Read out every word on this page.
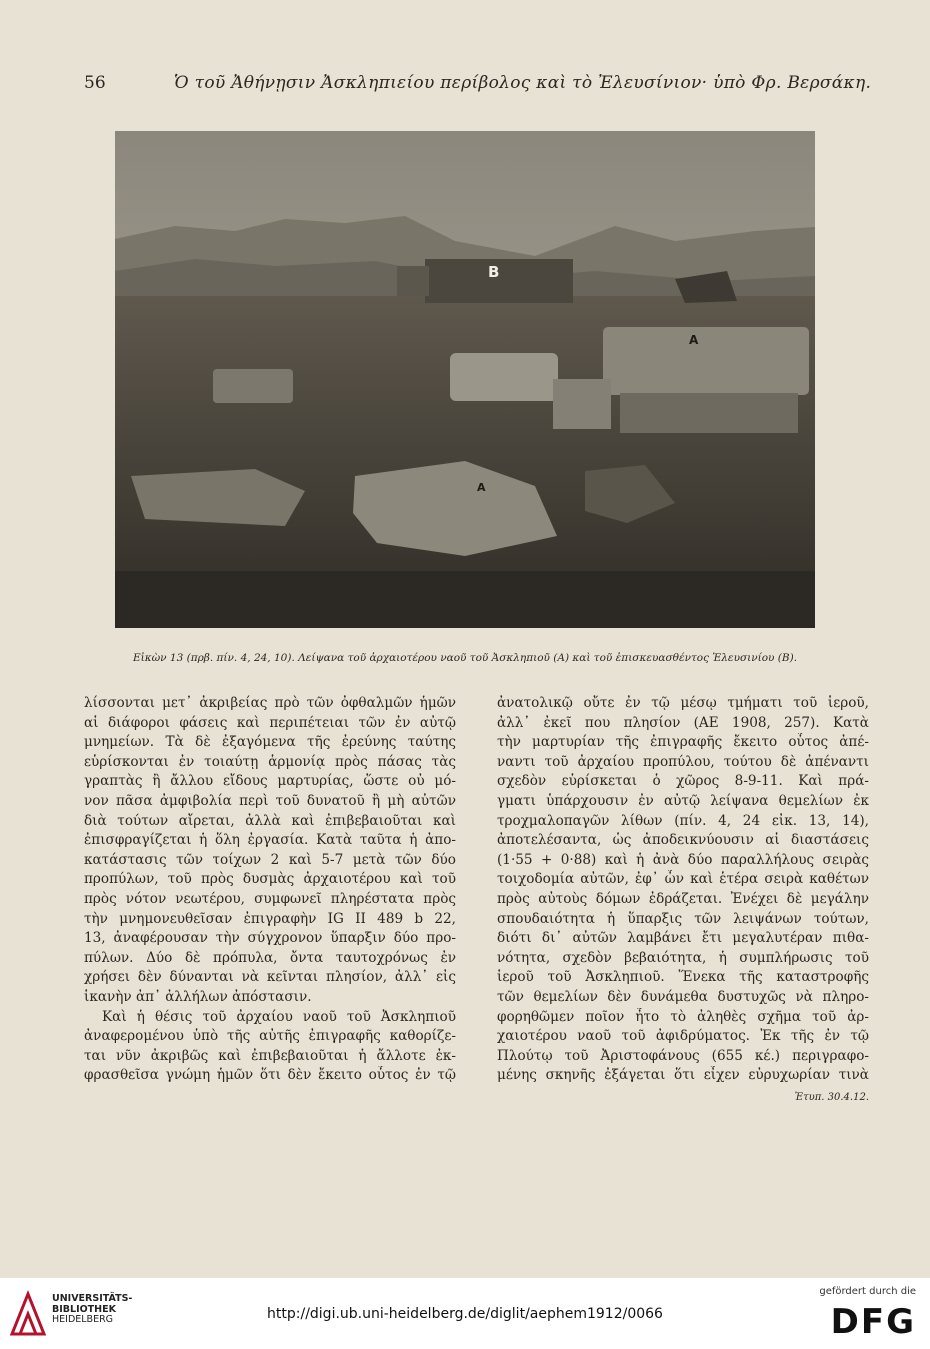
56	Ὁ τοῦ Ἀθήνῃσιν Ἀσκληπιείου περίβολος καὶ τὸ Ἐλευσίνιον· ὑπὸ Φρ. Βερσάκη.
B
A
A
Εἰκὼν 13 (πρβ. πίν. 4, 24, 10). Λείψανα τοῦ ἀρχαιοτέρου ναοῦ τοῦ Ἀσκληπιοῦ (Α) καὶ τοῦ ἐπισκευασθέντος Ἐλευσινίου (Β).
λίσσονται μετ᾿ ἀκριβείας πρὸ τῶν ὀφθαλμῶν ἡμῶν
αἱ διάφοροι φάσεις καὶ περιπέτειαι τῶν ἐν αὐτῷ
μνημείων. Τὰ δὲ ἐξαγόμενα τῆς ἐρεύνης ταύτης
εὑρίσκονται ἐν τοιαύτῃ ἁρμονίᾳ πρὸς πάσας τὰς
γραπτὰς ἢ ἄλλου εἴδους μαρτυρίας, ὥστε οὐ μό-
νον πᾶσα ἀμφιβολία περὶ τοῦ δυνατοῦ ἢ μὴ αὐτῶν
διὰ τούτων αἴρεται, ἀλλὰ καὶ ἐπιβεβαιοῦται καὶ
ἐπισφραγίζεται ἡ ὅλη ἐργασία. Κατὰ ταῦτα ἡ ἀπο-
κατάστασις τῶν τοίχων 2 καὶ 5-7 μετὰ τῶν δύο
προπύλων, τοῦ πρὸς δυσμὰς ἀρχαιοτέρου καὶ τοῦ
πρὸς νότον νεωτέρου, συμφωνεῖ πληρέστατα πρὸς
τὴν μνημονευθεῖσαν ἐπιγραφὴν IG II 489 b 22,
13, ἀναφέρουσαν τὴν σύγχρονον ὕπαρξιν δύο προ-
πύλων. Δύο δὲ πρόπυλα, ὄντα ταυτοχρόνως ἐν
χρήσει δὲν δύνανται νὰ κεῖνται πλησίον, ἀλλ᾿ εἰς
ἱκανὴν ἀπ᾿ ἀλλήλων ἀπόστασιν.
Καὶ ἡ θέσις τοῦ ἀρχαίου ναοῦ τοῦ Ἀσκληπιοῦ
ἀναφερομένου ὑπὸ τῆς αὐτῆς ἐπιγραφῆς καθορίζε-
ται νῦν ἀκριβῶς καὶ ἐπιβεβαιοῦται ἡ ἄλλοτε ἐκ-
φρασθεῖσα γνώμη ἡμῶν ὅτι δὲν ἔκειτο οὗτος ἐν τῷ
ἀνατολικῷ οὔτε ἐν τῷ μέσῳ τμήματι τοῦ ἱεροῦ,
ἀλλ᾿ ἐκεῖ που πλησίον (ΑΕ 1908, 257). Κατὰ
τὴν μαρτυρίαν τῆς ἐπιγραφῆς ἔκειτο οὗτος ἀπέ-
ναντι τοῦ ἀρχαίου προπύλου, τούτου δὲ ἀπέναντι
σχεδὸν εὑρίσκεται ὁ χῶρος 8-9-11. Καὶ πρά-
γματι ὑπάρχουσιν ἐν αὐτῷ λείψανα θεμελίων ἐκ
τροχμαλοπαγῶν λίθων (πίν. 4, 24 εἰκ. 13, 14),
ἀποτελέσαντα, ὡς ἀποδεικνύουσιν αἱ διαστάσεις
(1·55 + 0·88) καὶ ἡ ἀνὰ δύο παραλλήλους σειρὰς
τοιχοδομία αὐτῶν, ἐφ᾿ ὧν καὶ ἑτέρα σειρὰ καθέτων
πρὸς αὐτοὺς δόμων ἐδράζεται. Ἐνέχει δὲ μεγάλην
σπουδαιότητα ἡ ὕπαρξις τῶν λειψάνων τούτων,
διότι δι᾿ αὐτῶν λαμβάνει ἔτι μεγαλυτέραν πιθα-
νότητα, σχεδὸν βεβαιότητα, ἡ συμπλήρωσις τοῦ
ἱεροῦ τοῦ Ἀσκληπιοῦ. Ἕνεκα τῆς καταστροφῆς
τῶν θεμελίων δὲν δυνάμεθα δυστυχῶς νὰ πληρο-
φορηθῶμεν ποῖον ἦτο τὸ ἀληθὲς σχῆμα τοῦ ἀρ-
χαιοτέρου ναοῦ τοῦ ἀφιδρύματος. Ἐκ τῆς ἐν τῷ
Πλούτῳ τοῦ Ἀριστοφάνους (655 κέ.) περιγραφο-
μένης σκηνῆς ἐξάγεται ὅτι εἶχεν εὐρυχωρίαν τινὰ
Ἐτυπ. 30.4.12.
UNIVERSITÄTS-
BIBLIOTHEK
HEIDELBERG	http://digi.ub.uni-heidelberg.de/diglit/aephem1912/0066
gefördert durch die
DFG
